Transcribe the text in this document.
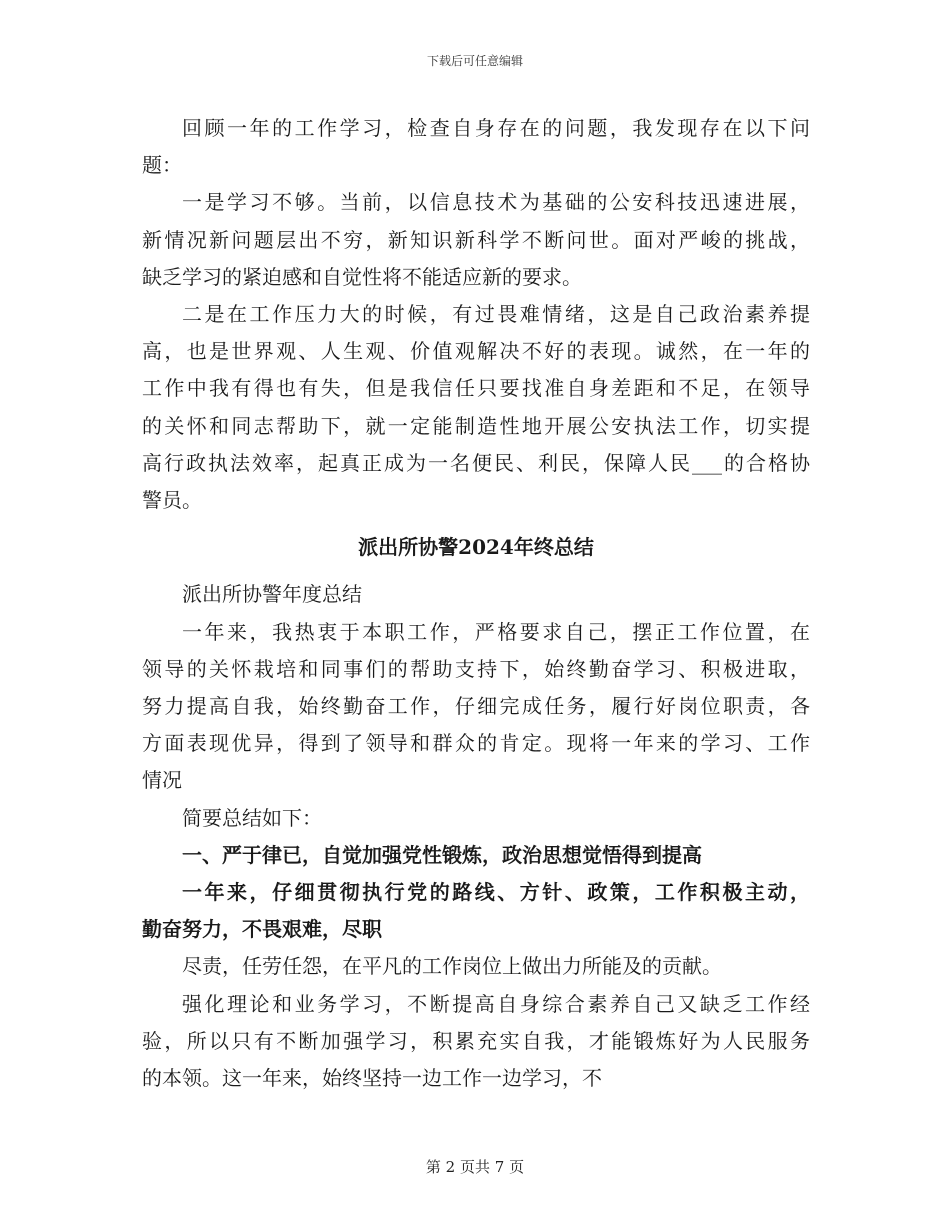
下载后可任意编辑
回顾一年的工作学习，检查自身存在的问题，我发现存在以下问
题：
一是学习不够。当前，以信息技术为基础的公安科技迅速进展，
新情况新问题层出不穷，新知识新科学不断问世。面对严峻的挑战，
缺乏学习的紧迫感和自觉性将不能适应新的要求。
二是在工作压力大的时候，有过畏难情绪，这是自己政治素养提
高，也是世界观、人生观、价值观解决不好的表现。诚然，在一年的
工作中我有得也有失，但是我信任只要找准自身差距和不足，在领导
的关怀和同志帮助下，就一定能制造性地开展公安执法工作，切实提
高行政执法效率，起真正成为一名便民、利民，保障人民___的合格协
警员。
派出所协警2024年终总结
派出所协警年度总结
一年来，我热衷于本职工作，严格要求自己，摆正工作位置，在
领导的关怀栽培和同事们的帮助支持下，始终勤奋学习、积极进取，
努力提高自我，始终勤奋工作，仔细完成任务，履行好岗位职责，各
方面表现优异，得到了领导和群众的肯定。现将一年来的学习、工作
情况
简要总结如下：
一、严于律已，自觉加强党性锻炼，政治思想觉悟得到提高
一年来，仔细贯彻执行党的路线、方针、政策，工作积极主动，
勤奋努力，不畏艰难，尽职
尽责，任劳任怨，在平凡的工作岗位上做出力所能及的贡献。
强化理论和业务学习，不断提高自身综合素养自己又缺乏工作经
验，所以只有不断加强学习，积累充实自我，才能锻炼好为人民服务
的本领。这一年来，始终坚持一边工作一边学习，不
第 2 页共 7 页
